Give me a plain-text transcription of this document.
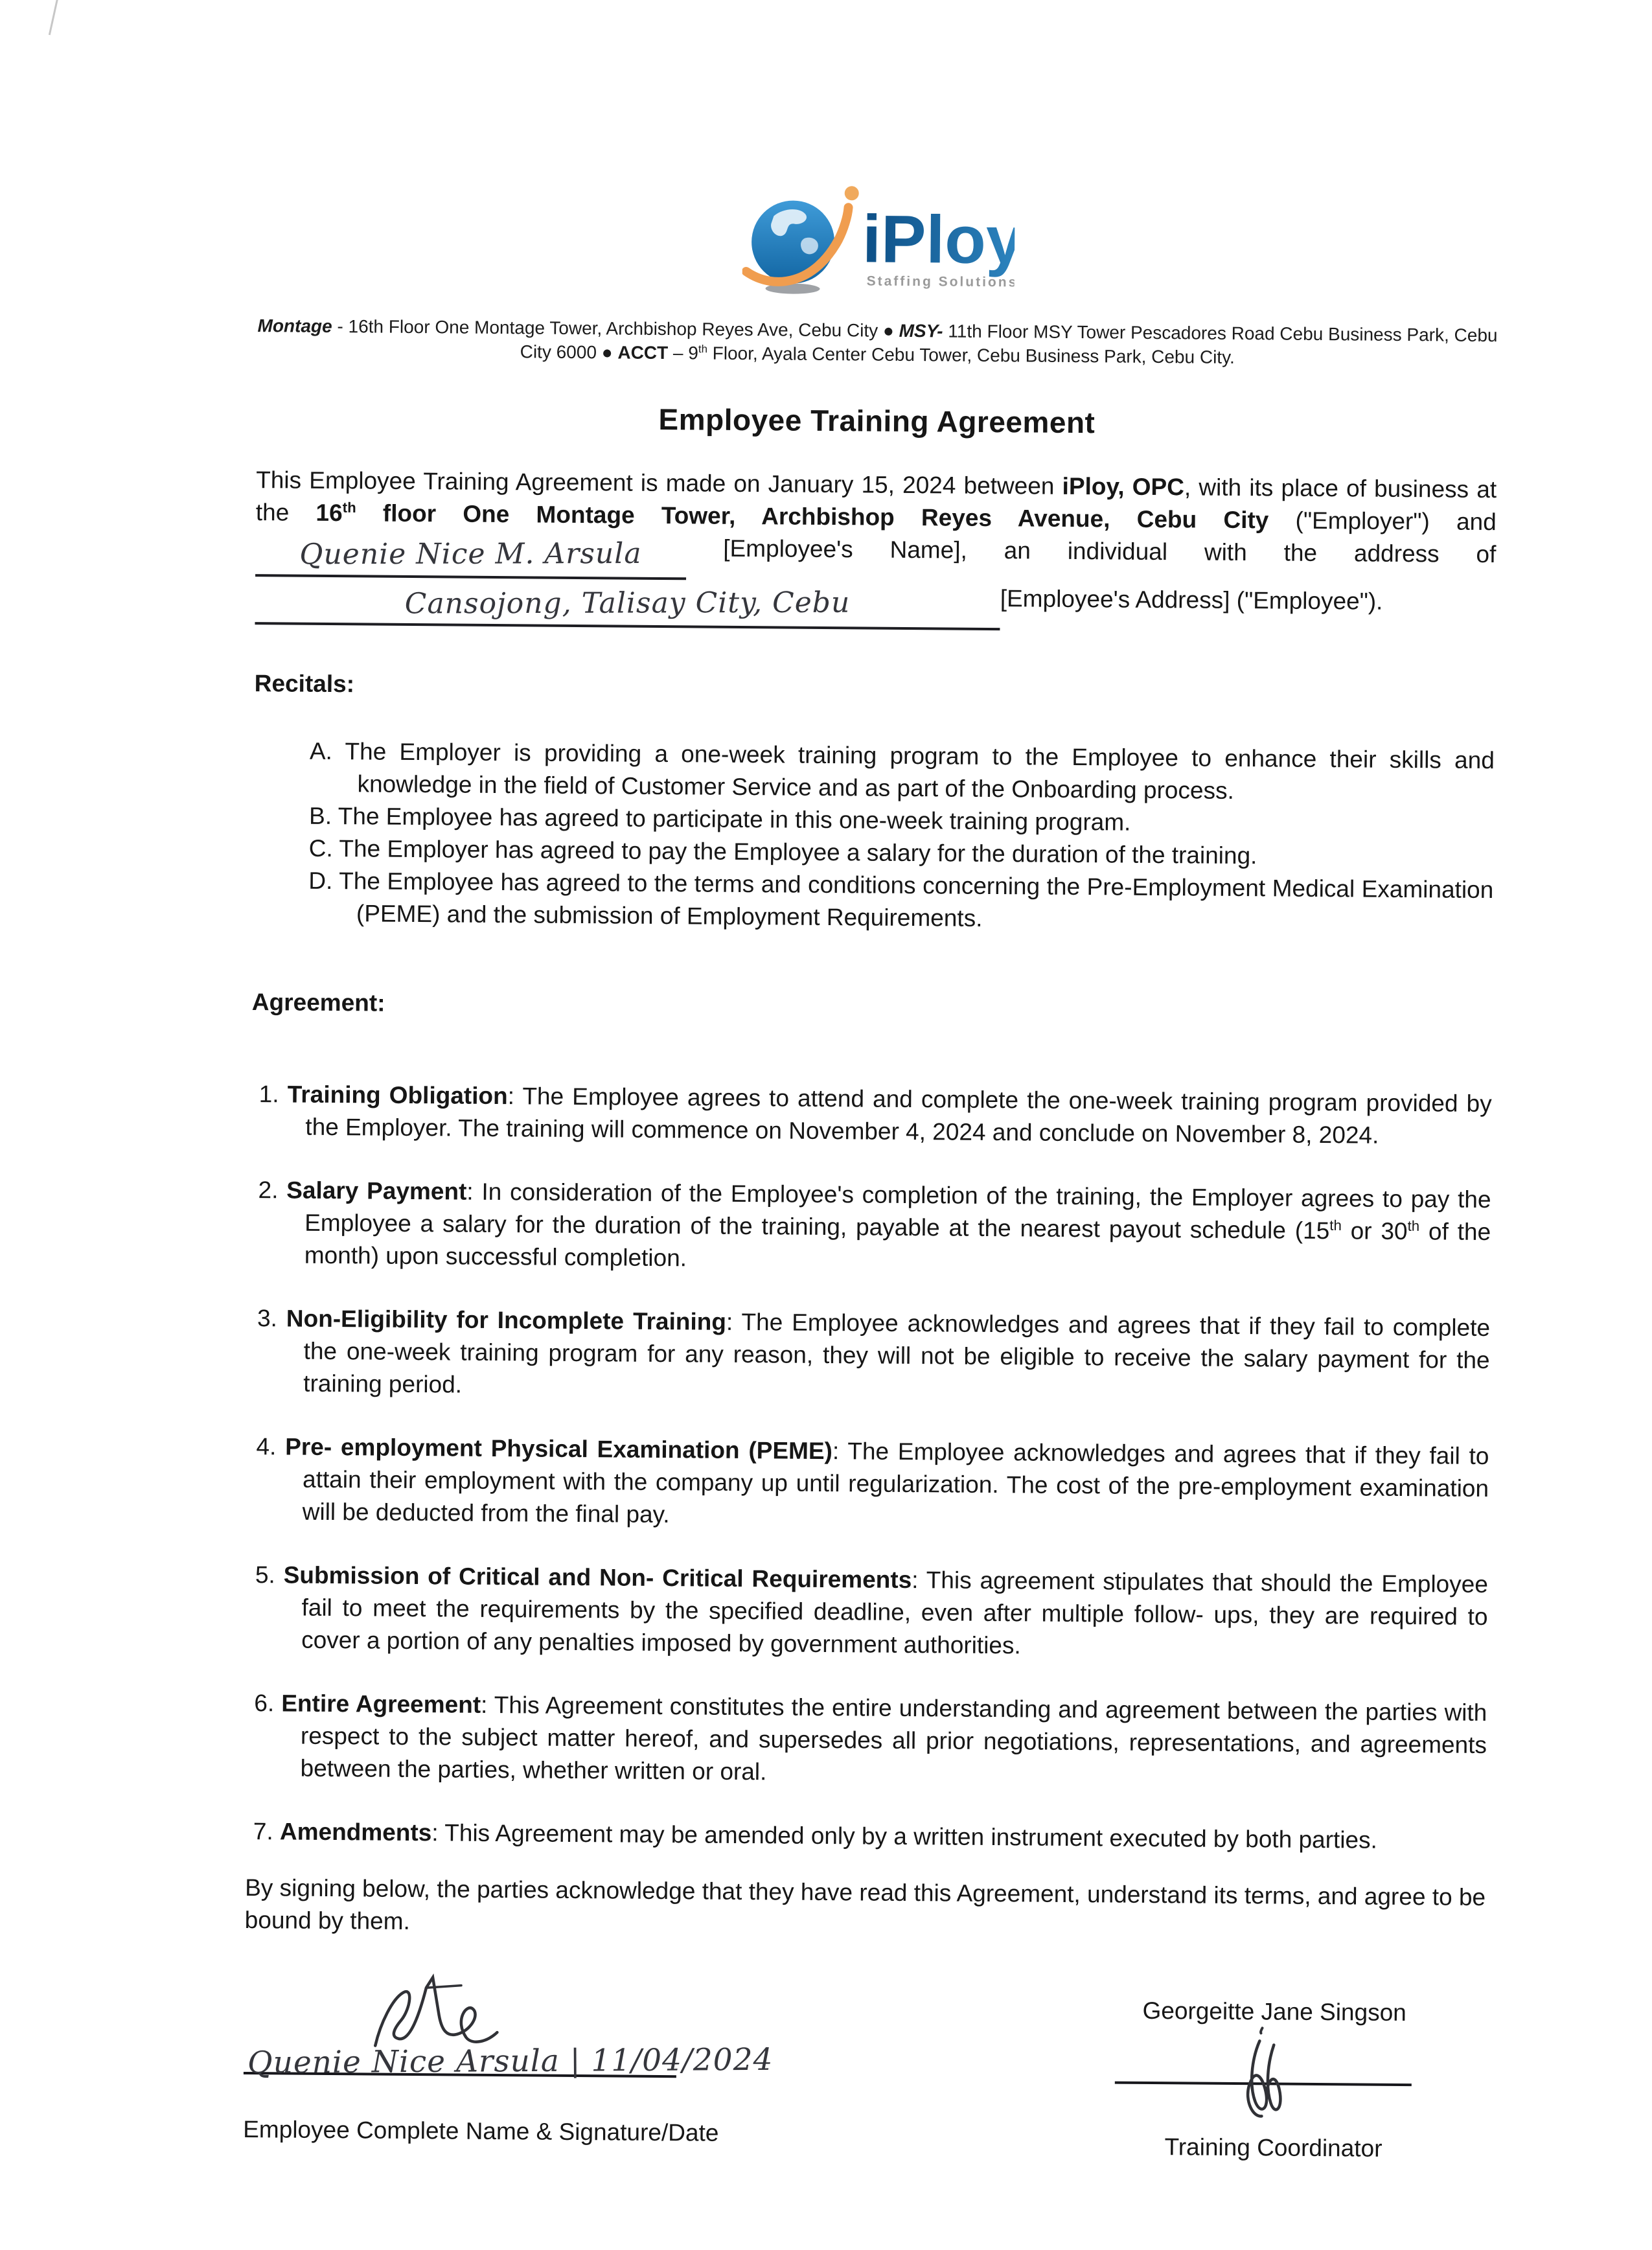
iPloy
Staffing Solutions
Montage - 16th Floor One Montage Tower, Archbishop Reyes Ave, Cebu City ● MSY- 11th Floor MSY Tower Pescadores Road Cebu Business Park, Cebu City 6000 ● ACCT – 9th Floor, Ayala Center Cebu Tower, Cebu Business Park, Cebu City.
Employee Training Agreement

This Employee Training Agreement is made on January 15, 2024 between iPloy, OPC, with its place of business at the 16th floor One Montage Tower, Archbishop Reyes Avenue, Cebu City ("Employer") and Quenie Nice M. Arsula [Employee's Name], an individual with the address of Cansojong, Talisay City, Cebu	[Employee's Address] ("Employee").

Recitals:

A. The Employer is providing a one-week training program to the Employee to enhance their skills and knowledge in the field of Customer Service and as part of the Onboarding process.

B. The Employee has agreed to participate in this one-week training program.

C. The Employer has agreed to pay the Employee a salary for the duration of the training.

D. The Employee has agreed to the terms and conditions concerning the Pre-Employment Medical Examination (PEME) and the submission of Employment Requirements.

Agreement:

1. Training Obligation: The Employee agrees to attend and complete the one-week training program provided by the Employer. The training will commence on November 4, 2024 and conclude on November 8, 2024.

2. Salary Payment: In consideration of the Employee's completion of the training, the Employer agrees to pay the Employee a salary for the duration of the training, payable at the nearest payout schedule (15th or 30th of the month) upon successful completion.

3. Non-Eligibility for Incomplete Training: The Employee acknowledges and agrees that if they fail to complete the one-week training program for any reason, they will not be eligible to receive the salary payment for the training period.

4. Pre- employment Physical Examination (PEME): The Employee acknowledges and agrees that if they fail to attain their employment with the company up until regularization. The cost of the pre-employment examination will be deducted from the final pay.

5. Submission of Critical and Non- Critical Requirements: This agreement stipulates that should the Employee fail to meet the requirements by the specified deadline, even after multiple follow- ups, they are required to cover a portion of any penalties imposed by government authorities.

6. Entire Agreement: This Agreement constitutes the entire understanding and agreement between the parties with respect to the subject matter hereof, and supersedes all prior negotiations, representations, and agreements between the parties, whether written or oral.

7. Amendments: This Agreement may be amended only by a written instrument executed by both parties.

By signing below, the parties acknowledge that they have read this Agreement, understand its terms, and agree to be bound by them.

Quenie Nice Arsula | 11/04/2024
Employee Complete Name & Signature/Date
Georgeitte Jane Singson
Training Coordinator
